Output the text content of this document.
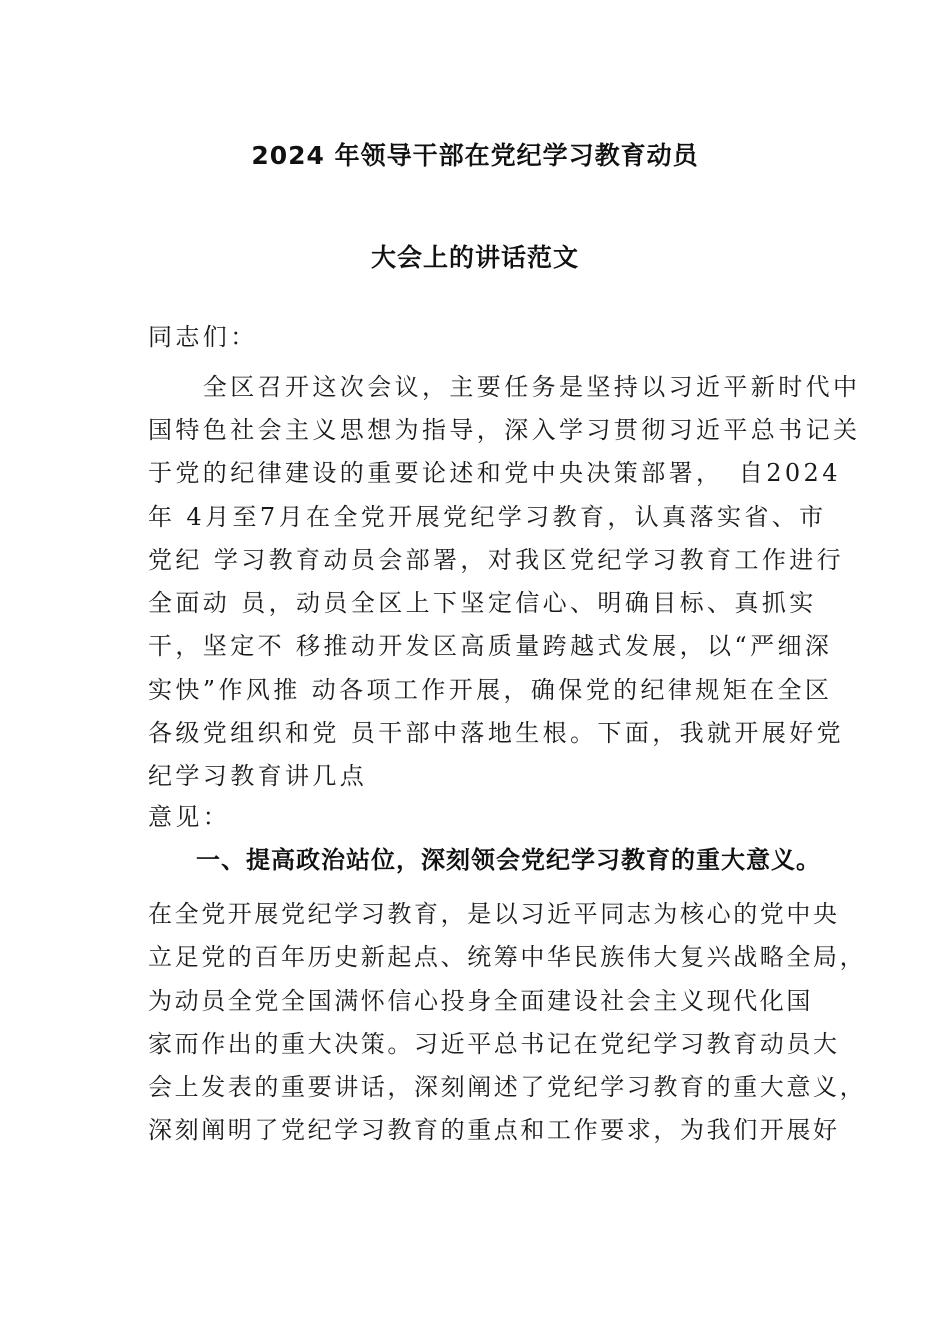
2024 年领导干部在党纪学习教育动员
大会上的讲话范文
同志们：
　　全区召开这次会议，主要任务是坚持以习近平新时代中
国特色社会主义思想为指导，深入学习贯彻习近平总书记关
于党的纪律建设的重要论述和党中央决策部署，　自2024
年 4月至7月在全党开展党纪学习教育，认真落实省、市
党纪 学习教育动员会部署，对我区党纪学习教育工作进行
全面动 员，动员全区上下坚定信心、明确目标、真抓实
干，坚定不 移推动开发区高质量跨越式发展，以“严细深
实快”作风推 动各项工作开展，确保党的纪律规矩在全区
各级党组织和党 员干部中落地生根。下面，我就开展好党
纪学习教育讲几点
意见：
一、提高政治站位，深刻领会党纪学习教育的重大意义。
在全党开展党纪学习教育，是以习近平同志为核心的党中央
立足党的百年历史新起点、统筹中华民族伟大复兴战略全局，
为动员全党全国满怀信心投身全面建设社会主义现代化国
家而作出的重大决策。习近平总书记在党纪学习教育动员大
会上发表的重要讲话，深刻阐述了党纪学习教育的重大意义，
深刻阐明了党纪学习教育的重点和工作要求，为我们开展好
